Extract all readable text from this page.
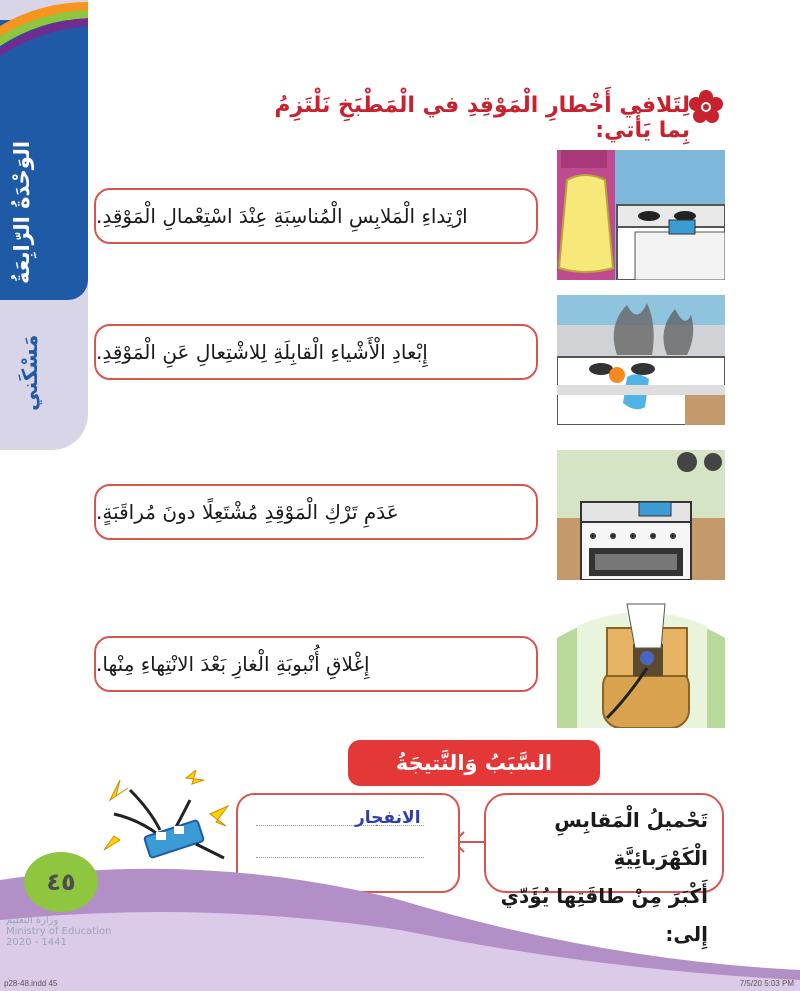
الوَحْدَةُ الرّابِعَةُ
مَسْكَني
لِتَلافي أَخْطارِ الْمَوْقِدِ في الْمَطْبَخِ نَلْتَزِمُ بِما يَأْتي:
ارْتِداءِ الْمَلابِسِ الْمُناسِبَةِ عِنْدَ اسْتِعْمالِ الْمَوْقِدِ.
إِبْعادِ الْأَشْياءِ الْقابِلَةِ لِلاشْتِعالِ عَنِ الْمَوْقِدِ.
عَدَمِ تَرْكِ الْمَوْقِدِ مُشْتَعِلًا دونَ مُراقَبَةٍ.
إِغْلاقِ أُنْبوبَةِ الْغازِ بَعْدَ الانْتِهاءِ مِنْها.
السَّبَبُ وَالنَّتيجَةُ
تَحْميلُ الْمَقابِسِ الْكَهْرَبائِيَّةِ
أَكْبَرَ مِنْ طاقَتِها يُؤَدّي إِلى:
الانفجار
٤٥
وزارة التعليم
Ministry of Education
2020 - 1441
p28-48.indd 45	7/5/20 5:03 PM
